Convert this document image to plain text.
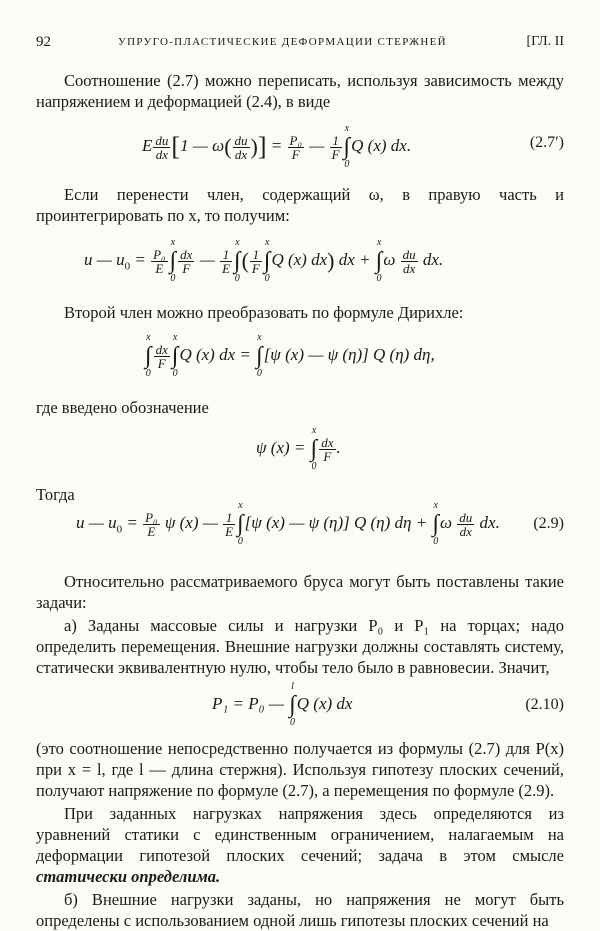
92	УПРУГО-ПЛАСТИЧЕСКИЕ ДЕФОРМАЦИИ СТЕРЖНЕЙ	[ГЛ. II

Соотношение (2.7) можно переписать, используя зависимость между напряжением и деформацией (2.4), в виде

E $\frac{du}{dx} [1$ — $\omega( \frac{du}{dx}$ )] = $\frac{\text{P₀}}{F}$ — $\frac{1}{F}$
x
∫
0
Q (x) dx.	(2.7′)

Если перенести член, содержащий ω, в правую часть и проинтегрировать по x, то получим:

u — $u_0 = \frac{\text{P₀}}{E}$
x
∫
0
$\frac{dx}{F}$ — $\frac{1}{E}$
x
∫
0
( $\frac{1}{F}$
x
∫
0
Q (x) dx) dx +
x
∫
0
ω $\frac{du}{dx}$ dx.

Второй член можно преобразовать по формуле Дирихле:

x
∫
0
$\frac{dx}{F}$
x
∫
0
Q (x) dx =
x
∫
0
[ψ (x) — ψ (η)] Q (η) dη,

где введено обозначение

ψ (x) =
x
∫
0
$\frac{dx}{F}$ .

Тогда

u — $u_0 = \frac{\text{P₀}}{E}$ ψ (x) — $\frac{1}{E}$
x
∫
0
[ψ (x) — ψ (η)] Q (η) dη +
x
∫
0
ω $\frac{du}{dx}$ dx. (2.9)

Относительно рассматриваемого бруса могут быть поставлены такие задачи:

а) Заданы массовые силы и нагрузки P₀ и P₁ на торцах; надо определить перемещения. Внешние нагрузки должны составлять систему, статически эквивалентную нулю, чтобы тело было в равновесии. Значит,

P₁ = P₀ —
l
∫
0
Q (x) dx	(2.10)

(это соотношение непосредственно получается из формулы (2.7) для P(x) при x = l, где l — длина стержня). Используя гипотезу плоских сечений, получают напряжение по формуле (2.7), а перемещения по формуле (2.9).

При заданных нагрузках напряжения здесь определяются из уравнений статики с единственным ограничением, налагаемым на деформации гипотезой плоских сечений; задача в этом смысле статически определима.

б) Внешние нагрузки заданы, но напряжения не могут быть определены с использованием одной лишь гипотезы плоских сечений на
